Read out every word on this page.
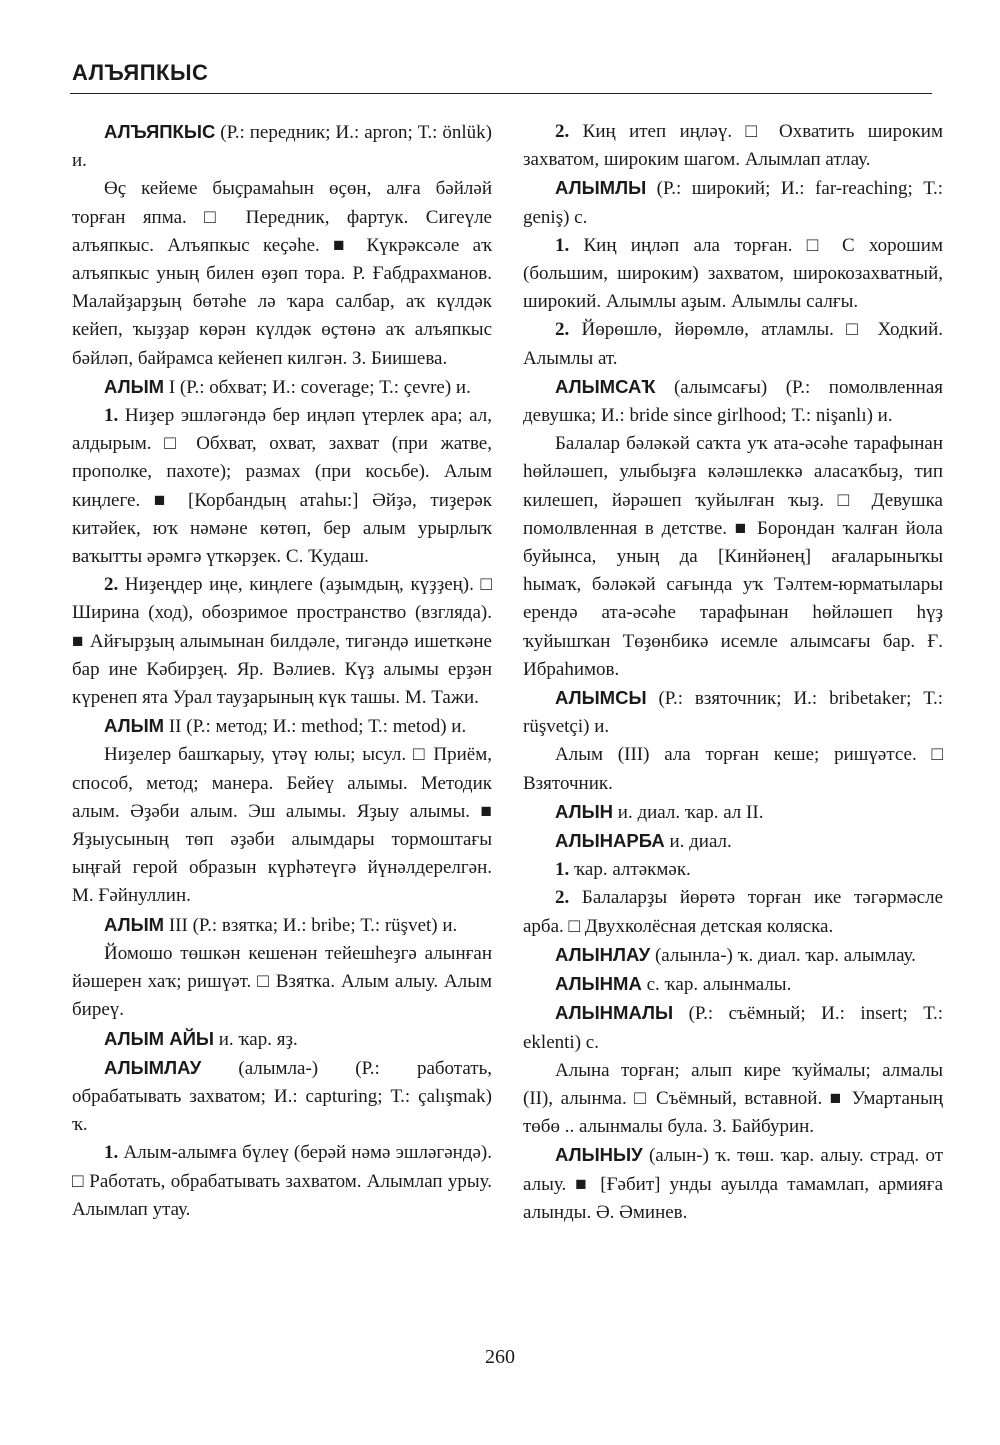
АЛЪЯПКЫС

АЛЪЯПКЫС (Р.: передник; И.: apron; Т.: önlük) и.

Өҫ кейеме быҫрамаһын өҫөн, алға бәйләй торған япма. □ Передник, фартук. Сигеүле алъяпкыс. Алъяпкыс кеҫәһе. ■ Күкрәксәле аҡ алъяпкыс уның билен өҙөп тора. Р. Ғабдрахманов. Малайҙарҙың бөтәһе лә ҡара салбар, аҡ күлдәк кейеп, ҡыҙҙар көрән күлдәк өҫтөнә аҡ алъяпкыс бәйләп, байрамса кейенеп килгән. З. Биишева.

АЛЫМ I (Р.: обхват; И.: coverage; Т.: çevre) и.

1. Ниҙер эшләгәндә бер иңләп үтерлек ара; ал, алдырым. □ Обхват, охват, захват (при жатве, прополке, пахоте); размах (при косьбе). Алым киңлеге. ■ [Корбандың атаһы:] Әйҙә, тиҙерәк китәйек, юҡ нәмәне көтөп, бер алым урырлыҡ ваҡытты әрәмгә үткәрҙек. С. Ҡудаш.

2. Ниҙеңдер иңе, киңлеге (аҙымдың, күҙҙең). □ Ширина (ход), обозримое пространство (взгляда). ■ Айғырҙың алымынан билдәле, тигәндә ишеткәне бар ине Кәбирҙең. Яр. Вәлиев. Күҙ алымы ерҙән күренеп ята Урал тауҙарының күк ташы. М. Тажи.

АЛЫМ II (Р.: метод; И.: method; Т.: metod) и.

Ниҙелер башҡарыу, үтәү юлы; ысул. □ Приём, способ, метод; манера. Бейеү алымы. Методик алым. Әҙәби алым. Эш алымы. Яҙыу алымы. ■ Яҙыусының төп әҙәби алымдары тормоштағы ыңғай герой образын күрһәтеүгә йүнәлдерелгән. М. Ғәйнуллин.

АЛЫМ III (Р.: взятка; И.: bribe; Т.: rüşvet) и.

Йомошо төшкән кешенән тейешһеҙгә алынған йәшерен хаҡ; ришүәт. □ Взятка. Алым алыу. Алым биреү.

АЛЫМ АЙЫ и. ҡар. яҙ.

АЛЫМЛАУ (алымла-) (Р.: работать, обрабатывать захватом; И.: capturing; Т.: çalışmak) ҡ.

1. Алым-алымға бүлеү (берәй нәмә эшләгәндә). □ Работать, обрабатывать захватом. Алымлап урыу. Алымлап утау.

2. Киң итеп иңләү. □ Охватить широким захватом, широким шагом. Алымлап атлау.

АЛЫМЛЫ (Р.: широкий; И.: far-reaching; Т.: geniş) с.

1. Киң иңләп ала торған. □ С хорошим (большим, широким) захватом, широкозахватный, широкий. Алымлы аҙым. Алымлы салғы.

2. Йөрөшлө, йөрөмлө, атламлы. □ Ходкий. Алымлы ат.

АЛЫМСАҠ (алымсағы) (Р.: помолвленная девушка; И.: bride since girlhood; Т.: nişanlı) и.

Балалар бәләкәй саҡта уҡ ата-әсәһе тарафынан һөйләшеп, улыбыҙға кәләшлеккә аласаҡбыҙ, тип килешеп, йәрәшеп ҡуйылған ҡыҙ. □ Девушка помолвленная в детстве. ■ Борондан ҡалған йола буйынса, уның да [Кинйәнең] ағаларыныҡы һымаҡ, бәләкәй сағында уҡ Тәлтем-юрматылары ерендә ата-әсәһе тарафынан һөйләшеп һүҙ ҡуйышҡан Төҙөнбикә исемле алымсағы бар. Ғ. Ибраһимов.

АЛЫМСЫ (Р.: взяточник; И.: bribetaker; Т.: rüşvetçi) и.

Алым (III) ала торған кеше; ришүәтсе. □ Взяточник.

АЛЫН и. диал. ҡар. ал II.

АЛЫНАРБА и. диал.

1. ҡар. алтәкмәк.

2. Балаларҙы йөрөтә торған ике тәгәрмәсле арба. □ Двухколёсная детская коляска.

АЛЫНЛАУ (алынла-) ҡ. диал. ҡар. алымлау.

АЛЫНМА с. ҡар. алынмалы.

АЛЫНМАЛЫ (Р.: съёмный; И.: insert; Т.: eklenti) с.

Алына торған; алып кире ҡуймалы; алмалы (II), алынма. □ Съёмный, вставной. ■ Умартаның төбө .. алынмалы була. З. Байбурин.

АЛЫНЫУ (алын-) ҡ. төш. ҡар. алыу. страд. от алыу. ■ [Ғәбит] унды ауылда тамамлап, армияға алынды. Ә. Әминев.

260
